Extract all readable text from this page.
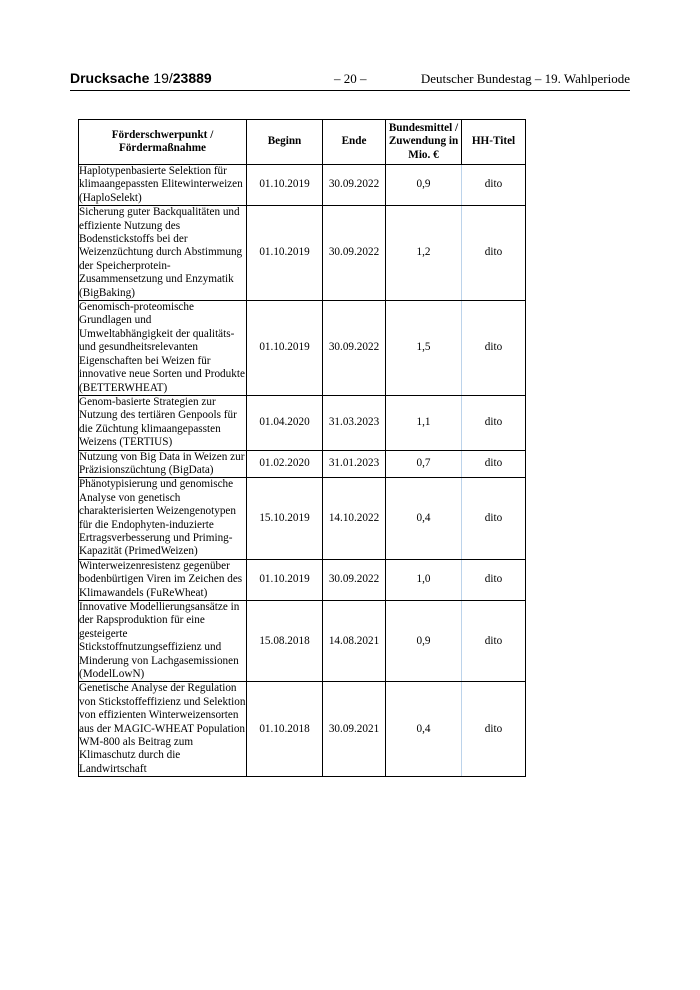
Drucksache 19/23889	– 20 –	Deutscher Bundestag – 19. Wahlperiode
Förderschwerpunkt / Fördermaßnahme	Beginn	Ende	Bundesmittel / Zuwendung in Mio. €	HH-Titel
Haplotypenbasierte Selektion für klimaangepassten Elitewinterweizen (HaploSelekt)	01.10.2019	30.09.2022	0,9	dito
Sicherung guter Backqualitäten und effiziente Nutzung des Bodenstickstoffs bei der Weizenzüchtung durch Abstimmung der Speicherprotein-Zusammensetzung und Enzymatik (BigBaking)	01.10.2019	30.09.2022	1,2	dito
Genomisch-proteomische Grundlagen und Umweltabhängigkeit der qualitäts- und gesundheitsrelevanten Eigenschaften bei Weizen für innovative neue Sorten und Produkte (BETTERWHEAT)	01.10.2019	30.09.2022	1,5	dito
Genom-basierte Strategien zur Nutzung des tertiären Genpools für die Züchtung klimaangepassten Weizens (TERTIUS)	01.04.2020	31.03.2023	1,1	dito
Nutzung von Big Data in Weizen zur Präzisionszüchtung (BigData)	01.02.2020	31.01.2023	0,7	dito
Phänotypisierung und genomische Analyse von genetisch charakterisierten Weizengenotypen für die Endophyten-induzierte Ertragsverbesserung und Priming-Kapazität (PrimedWeizen)	15.10.2019	14.10.2022	0,4	dito
Winterweizenresistenz gegenüber bodenbürtigen Viren im Zeichen des Klimawandels (FuReWheat)	01.10.2019	30.09.2022	1,0	dito
Innovative Modellierungsansätze in der Rapsproduktion für eine gesteigerte Stickstoffnutzungseffizienz und Minderung von Lachgasemissionen (ModelLowN)	15.08.2018	14.08.2021	0,9	dito
Genetische Analyse der Regulation von Stickstoffeffizienz und Selektion von effizienten Winterweizensorten aus der MAGIC-WHEAT Population WM-800 als Beitrag zum Klimaschutz durch die Landwirtschaft	01.10.2018	30.09.2021	0,4	dito
